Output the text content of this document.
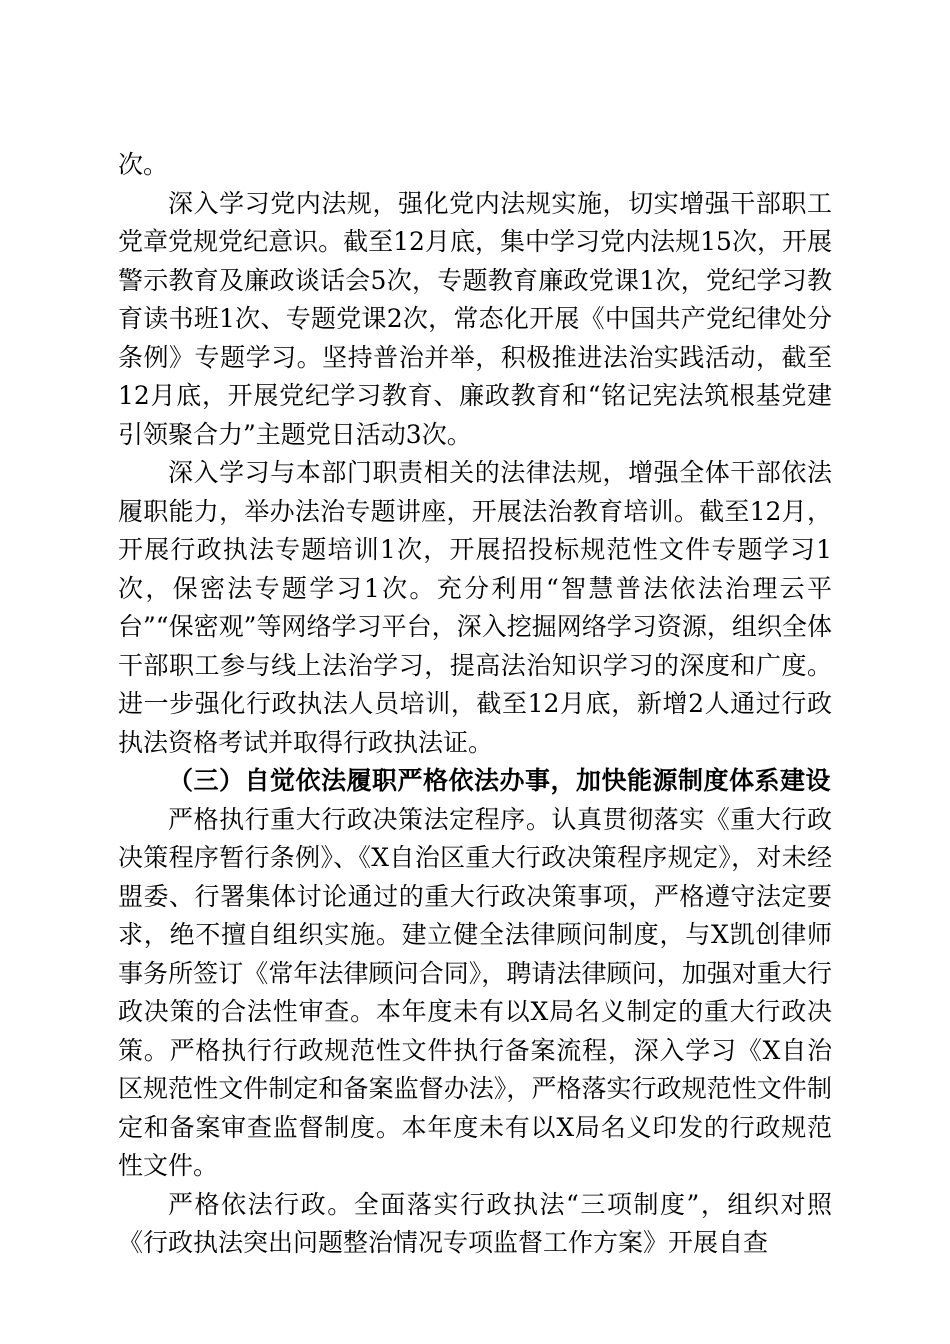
次。

深入学习党内法规，强化党内法规实施，切实增强干部职工党章党规党纪意识。截至12月底，集中学习党内法规15次，开展警示教育及廉政谈话会5次，专题教育廉政党课1次，党纪学习教育读书班1次、专题党课2次，常态化开展《中国共产党纪律处分条例》专题学习。坚持普治并举，积极推进法治实践活动，截至12月底，开展党纪学习教育、廉政教育和“铭记宪法筑根基党建引领聚合力”主题党日活动3次。

深入学习与本部门职责相关的法律法规，增强全体干部依法履职能力，举办法治专题讲座，开展法治教育培训。截至12月，开展行政执法专题培训1次，开展招投标规范性文件专题学习1次，保密法专题学习1次。充分利用“智慧普法依法治理云平台”“保密观”等网络学习平台，深入挖掘网络学习资源，组织全体干部职工参与线上法治学习，提高法治知识学习的深度和广度。进一步强化行政执法人员培训，截至12月底，新增2人通过行政执法资格考试并取得行政执法证。

（三）自觉依法履职严格依法办事，加快能源制度体系建设

严格执行重大行政决策法定程序。认真贯彻落实《重大行政决策程序暂行条例》、《X自治区重大行政决策程序规定》，对未经盟委、行署集体讨论通过的重大行政决策事项，严格遵守法定要求，绝不擅自组织实施。建立健全法律顾问制度，与X凯创律师事务所签订《常年法律顾问合同》，聘请法律顾问，加强对重大行政决策的合法性审查。本年度未有以X局名义制定的重大行政决策。严格执行行政规范性文件执行备案流程，深入学习《X自治区规范性文件制定和备案监督办法》，严格落实行政规范性文件制定和备案审查监督制度。本年度未有以X局名义印发的行政规范性文件。

严格依法行政。全面落实行政执法“三项制度”，组织对照《行政执法突出问题整治情况专项监督工作方案》开展自查
